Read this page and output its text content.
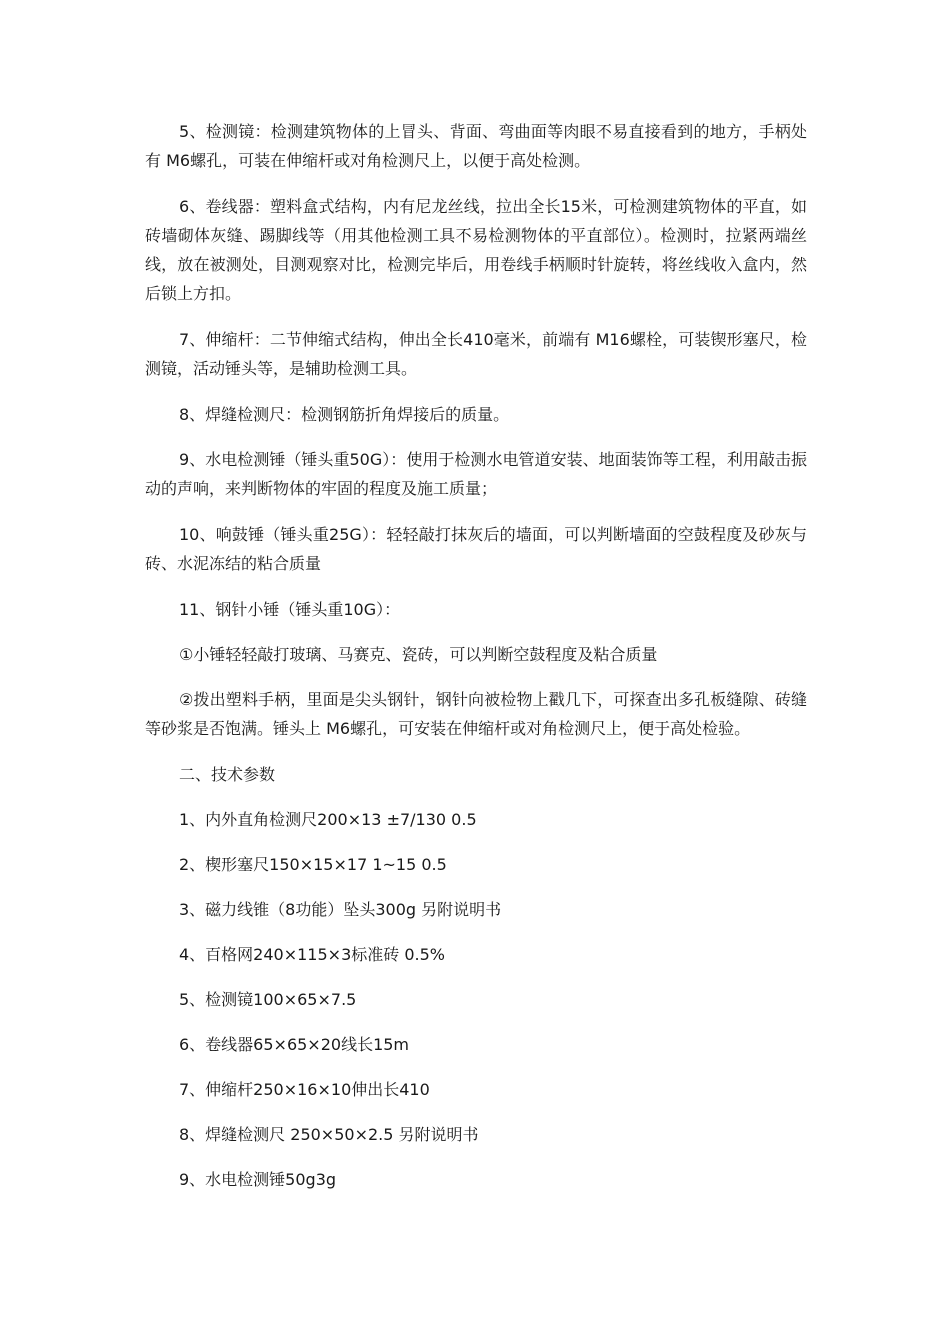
5、检测镜：检测建筑物体的上冒头、背面、弯曲面等肉眼不易直接看到的地方，手柄处有 M6螺孔，可装在伸缩杆或对角检测尺上，以便于高处检测。

6、卷线器：塑料盒式结构，内有尼龙丝线，拉出全长15米，可检测建筑物体的平直，如砖墙砌体灰缝、踢脚线等（用其他检测工具不易检测物体的平直部位）。检测时，拉紧两端丝线，放在被测处，目测观察对比，检测完毕后，用卷线手柄顺时针旋转，将丝线收入盒内，然后锁上方扣。

7、伸缩杆：二节伸缩式结构，伸出全长410毫米，前端有 M16螺栓，可装锲形塞尺，检测镜，活动锤头等，是辅助检测工具。

8、焊缝检测尺：检测钢筋折角焊接后的质量。

9、水电检测锤（锤头重50G）：使用于检测水电管道安装、地面装饰等工程，利用敲击振动的声响，来判断物体的牢固的程度及施工质量；

10、响鼓锤（锤头重25G）：轻轻敲打抹灰后的墙面，可以判断墙面的空鼓程度及砂灰与砖、水泥冻结的粘合质量

11、钢针小锤（锤头重10G）：

①小锤轻轻敲打玻璃、马赛克、瓷砖，可以判断空鼓程度及粘合质量

②拨出塑料手柄，里面是尖头钢针，钢针向被检物上戳几下，可探查出多孔板缝隙、砖缝等砂浆是否饱满。锤头上 M6螺孔，可安装在伸缩杆或对角检测尺上，便于高处检验。

二、技术参数

1、内外直角检测尺200×13 ±7/130 0.5

2、楔形塞尺150×15×17 1~15 0.5

3、磁力线锥（8功能）坠头300g 另附说明书

4、百格网240×115×3标准砖 0.5%

5、检测镜100×65×7.5

6、卷线器65×65×20线长15m

7、伸缩杆250×16×10伸出长410

8、焊缝检测尺 250×50×2.5 另附说明书

9、水电检测锤50g3g
